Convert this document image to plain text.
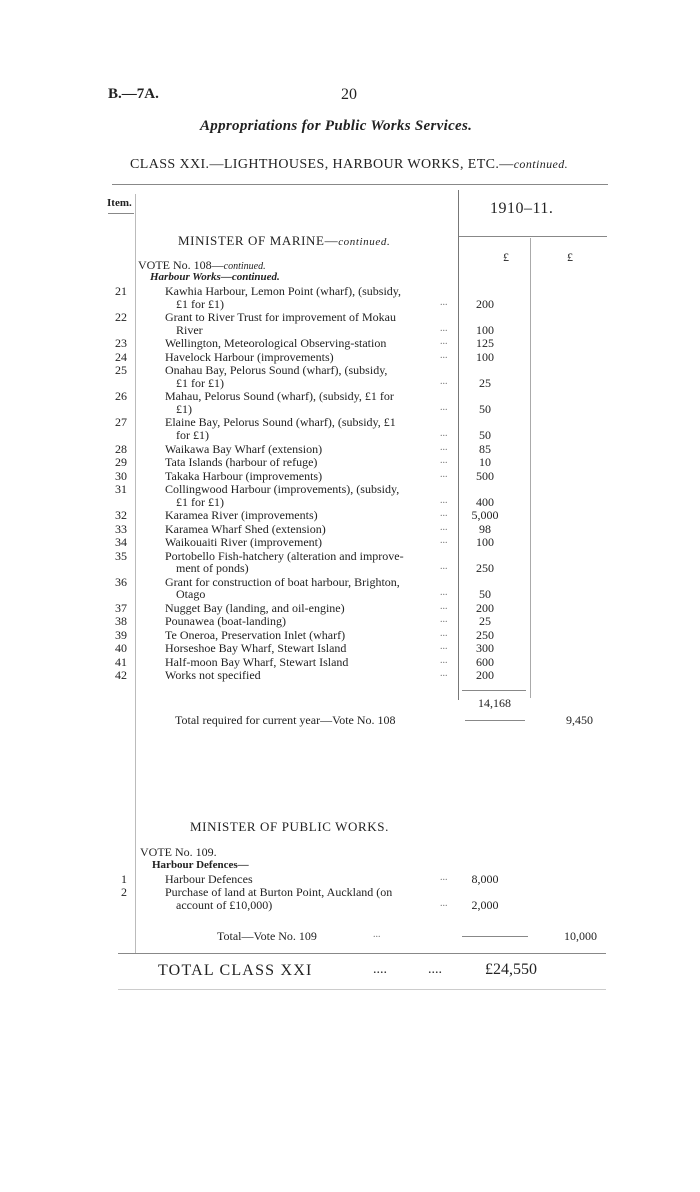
B.—7A.	20
Appropriations for Public Works Services.
CLASS XXI.—LIGHTHOUSES, HARBOUR WORKS, ETC.—continued.
Item.	1910–11.
£	£
MINISTER OF MARINE—continued.
VOTE No. 108—continued.
Harbour Works—continued.
21	Kawhia Harbour, Lemon Point (wharf), (subsidy,
£1 for £1)	...	200
22	Grant to River Trust for improvement of Mokau
River	...	100
23	Wellington, Meteorological Observing-station	...	125
24	Havelock Harbour (improvements)	...	100
25	Onahau Bay, Pelorus Sound (wharf), (subsidy,
£1 for £1)	...	25
26	Mahau, Pelorus Sound (wharf), (subsidy, £1 for
£1)	...	50
27	Elaine Bay, Pelorus Sound (wharf), (subsidy, £1
for £1)	...	50
28	Waikawa Bay Wharf (extension)	...	85
29	Tata Islands (harbour of refuge)	...	10
30	Takaka Harbour (improvements)	...	500
31	Collingwood Harbour (improvements), (subsidy,
£1 for £1)	...	400
32	Karamea River (improvements)	...	5,000
33	Karamea Wharf Shed (extension)	...	98
34	Waikouaiti River (improvement)	...	100
35	Portobello Fish-hatchery (alteration and improve-
ment of ponds)	...	250
36	Grant for construction of boat harbour, Brighton,
Otago	...	50
37	Nugget Bay (landing, and oil-engine)	...	200
38	Pounawea (boat-landing)	...	25
39	Te Oneroa, Preservation Inlet (wharf)	...	250
40	Horseshoe Bay Wharf, Stewart Island	...	300
41	Half-moon Bay Wharf, Stewart Island	...	600
42	Works not specified	...	200
14,168
Total required for current year—Vote No. 108	9,450
MINISTER OF PUBLIC WORKS.
VOTE No. 109.
Harbour Defences—
1	Harbour Defences	...	8,000
2	Purchase of land at Burton Point, Auckland (on
account of £10,000)	...	2,000
Total—Vote No. 109	...	10,000
TOTAL CLASS XXI	....	....	£24,550
